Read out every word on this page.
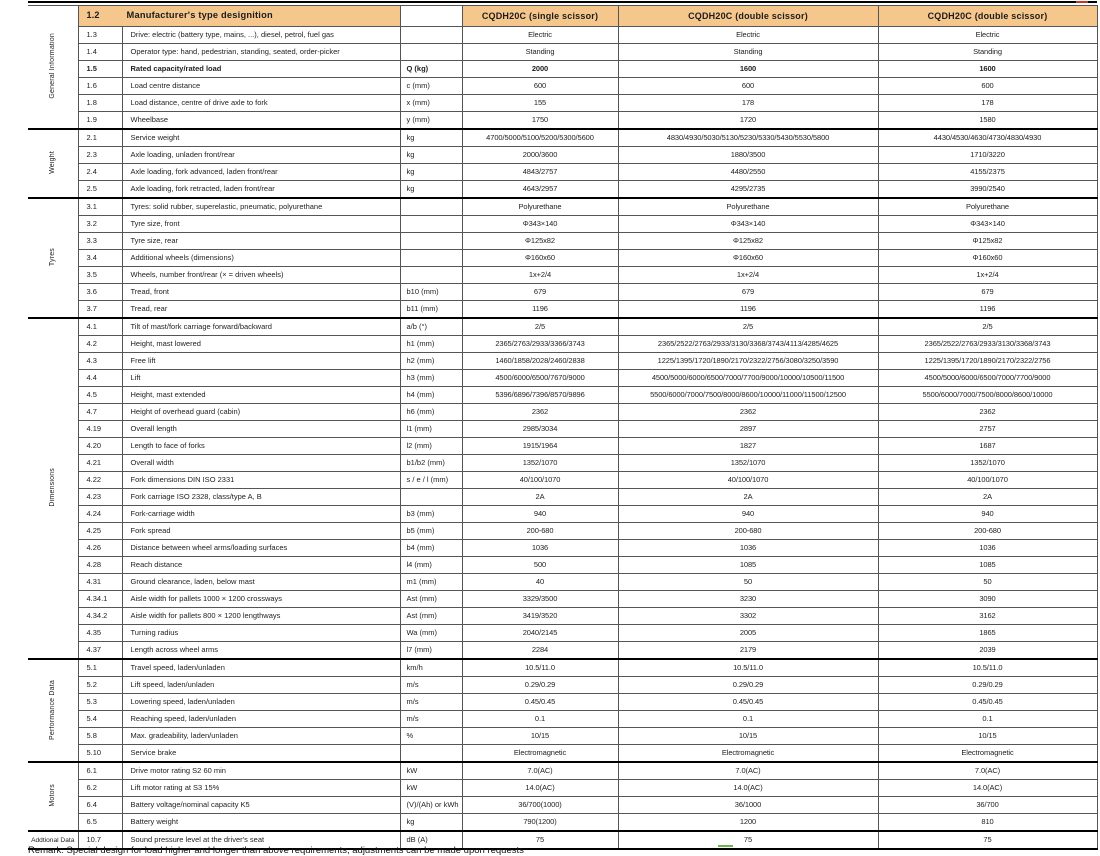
General Information	1.2 Manufacturer's type designition			CQDH20C (single scissor)	CQDH20C (double scissor)	CQDH20C (double scissor)
	1.3	Drive: electric (battery type, mains, ...), diesel, petrol, fuel gas		Electric	Electric	Electric
	1.4	Operator type: hand, pedestrian, standing, seated, order-picker		Standing	Standing	Standing
	1.5	Rated capacity/rated load	Q (kg)	2000	1600	1600
	1.6	Load centre distance	c (mm)	600	600	600
	1.8	Load distance, centre of drive axle to fork	x (mm)	155	178	178
	1.9	Wheelbase	y (mm)	1750	1720	1580
Weight	2.1	Service weight	kg	4700/5000/5100/5200/5300/5600	4830/4930/5030/5130/5230/5330/5430/5530/5800	4430/4530/4630/4730/4830/4930
	2.3	Axle loading, unladen front/rear	kg	2000/3600	1880/3500	1710/3220
	2.4	Axle loading, fork advanced, laden front/rear	kg	4843/2757	4480/2550	4155/2375
	2.5	Axle loading, fork retracted, laden front/rear	kg	4643/2957	4295/2735	3990/2540
Tyres	3.1	Tyres: solid rubber, superelastic, pneumatic, polyurethane		Polyurethane	Polyurethane	Polyurethane
	3.2	Tyre size, front		Φ343×140	Φ343×140	Φ343×140
	3.3	Tyre size, rear		Φ125x82	Φ125x82	Φ125x82
	3.4	Additional wheels (dimensions)		Φ160x60	Φ160x60	Φ160x60
	3.5	Wheels, number front/rear (× = driven wheels)		1x+2/4	1x+2/4	1x+2/4
	3.6	Tread, front	b10 (mm)	679	679	679
	3.7	Tread, rear	b11 (mm)	1196	1196	1196
Dimensions	4.1	Tilt of mast/fork carriage forward/backward	a/b (°)	2/5	2/5	2/5
	4.2	Height, mast lowered	h1 (mm)	2365/2763/2933/3366/3743	2365/2522/2763/2933/3130/3368/3743/4113/4285/4625	2365/2522/2763/2933/3130/3368/3743
	4.3	Free lift	h2 (mm)	1460/1858/2028/2460/2838	1225/1395/1720/1890/2170/2322/2756/3080/3250/3590	1225/1395/1720/1890/2170/2322/2756
	4.4	Lift	h3 (mm)	4500/6000/6500/7670/9000	4500/5000/6000/6500/7000/7700/9000/10000/10500/11500	4500/5000/6000/6500/7000/7700/9000
	4.5	Height, mast extended	h4 (mm)	5396/6896/7396/8570/9896	5500/6000/7000/7500/8000/8600/10000/11000/11500/12500	5500/6000/7000/7500/8000/8600/10000
	4.7	Height of overhead guard (cabin)	h6 (mm)	2362	2362	2362
	4.19	Overall length	l1 (mm)	2985/3034	2897	2757
	4.20	Length to face of forks	l2 (mm)	1915/1964	1827	1687
	4.21	Overall width	b1/b2 (mm)	1352/1070	1352/1070	1352/1070
	4.22	Fork dimensions DIN ISO 2331	s / e / l (mm)	40/100/1070	40/100/1070	40/100/1070
	4.23	Fork carriage ISO 2328, class/type A, B		2A	2A	2A
	4.24	Fork-carriage width	b3 (mm)	940	940	940
	4.25	Fork spread	b5 (mm)	200-680	200-680	200-680
	4.26	Distance between wheel arms/loading surfaces	b4 (mm)	1036	1036	1036
	4.28	Reach distance	l4 (mm)	500	1085	1085
	4.31	Ground clearance, laden, below mast	m1 (mm)	40	50	50
	4.34.1	Aisle width for pallets 1000 × 1200 crossways	Ast (mm)	3329/3500	3230	3090
	4.34.2	Aisle width for pallets 800 × 1200 lengthways	Ast (mm)	3419/3520	3302	3162
	4.35	Turning radius	Wa (mm)	2040/2145	2005	1865
	4.37	Length across wheel arms	l7 (mm)	2284	2179	2039
Performance Data	5.1	Travel speed, laden/unladen	km/h	10.5/11.0	10.5/11.0	10.5/11.0
	5.2	Lift speed, laden/unladen	m/s	0.29/0.29	0.29/0.29	0.29/0.29
	5.3	Lowering speed, laden/unladen	m/s	0.45/0.45	0.45/0.45	0.45/0.45
	5.4	Reaching speed, laden/unladen	m/s	0.1	0.1	0.1
	5.8	Max. gradeability, laden/unladen	%	10/15	10/15	10/15
	5.10	Service brake		Electromagnetic	Electromagnetic	Electromagnetic
Motors	6.1	Drive motor rating S2 60 min	kW	7.0(AC)	7.0(AC)	7.0(AC)
	6.2	Lift motor rating at S3 15%	kW	14.0(AC)	14.0(AC)	14.0(AC)
	6.4	Battery voltage/nominal capacity K5	(V)/(Ah) or kWh	36/700(1000)	36/1000	36/700
	6.5	Battery weight	kg	790(1200)	1200	810
Addtional Data	10.7	Sound pressure level at the driver's seat	dB (A)	75	75	75
Remark: Special design for load higher and longer than above requirements, adjustments can be made upon requests
